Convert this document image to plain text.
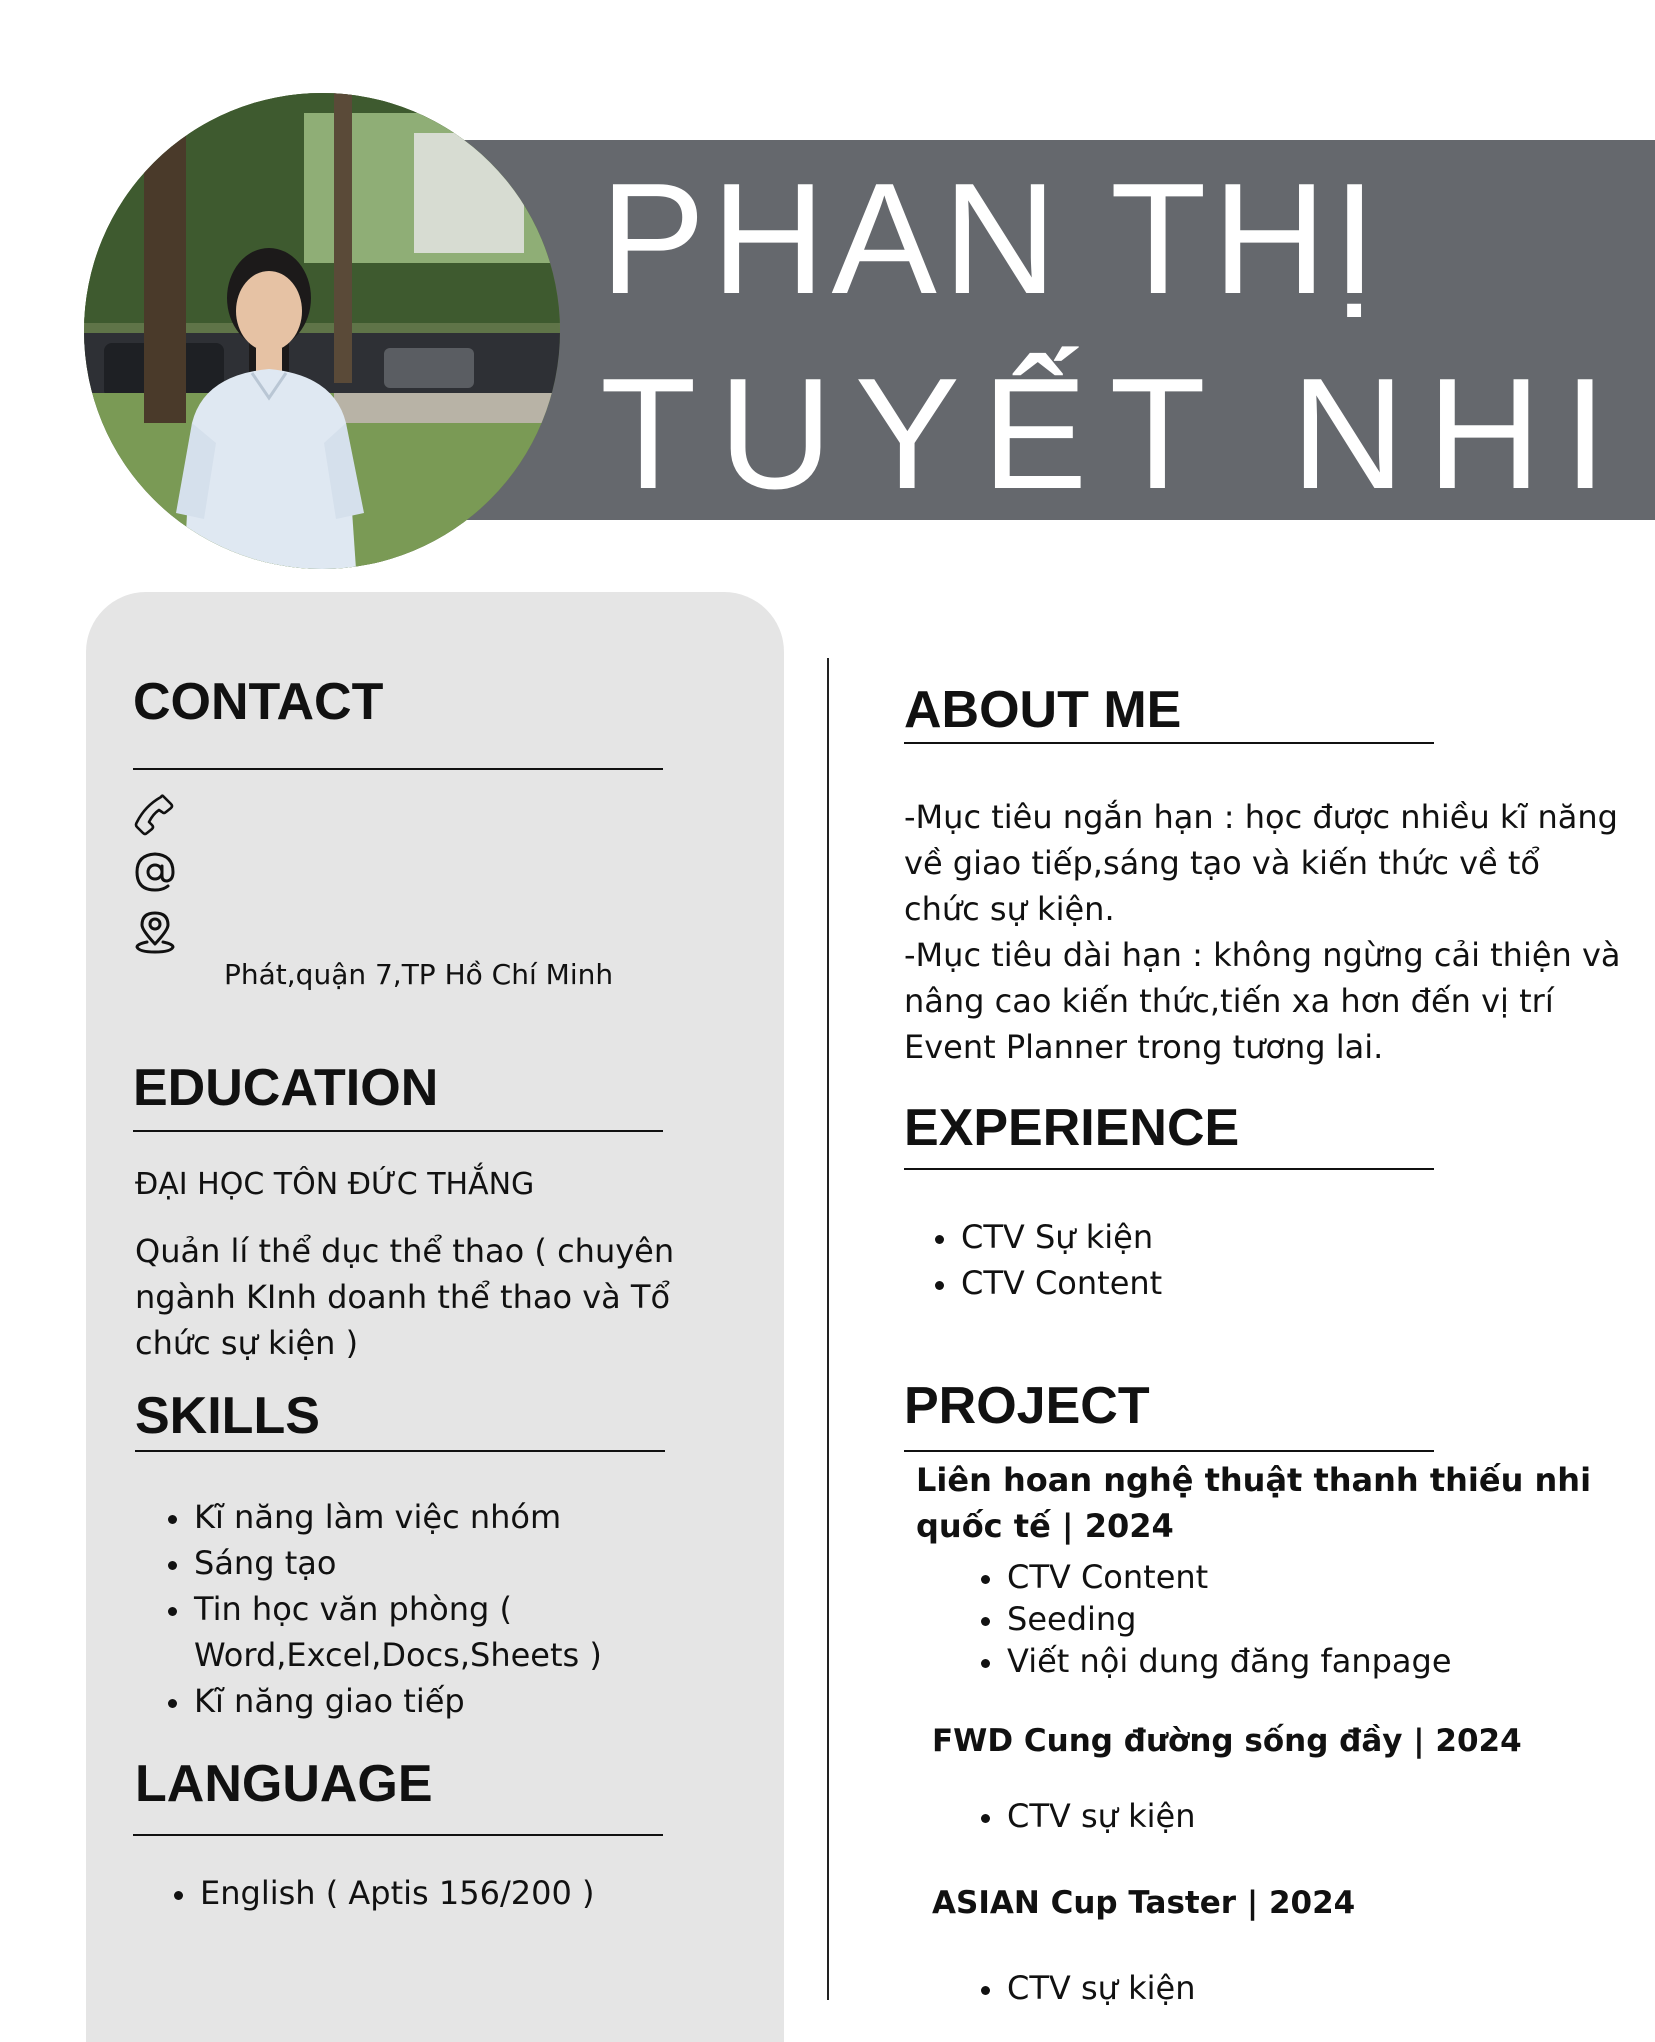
PHAN THỊ
TUYẾT NHI
CONTACT
Phát,quận 7,TP Hồ Chí Minh
EDUCATION

ĐẠI HỌC TÔN ĐỨC THẮNG

Quản lí thể dục thể thao ( chuyên ngành KInh doanh thể thao và Tổ chức sự kiện )

SKILLS
• Kĩ năng làm việc nhóm
• Sáng tạo
• Tin học văn phòng ( Word,Excel,Docs,Sheets )
• Kĩ năng giao tiếp
LANGUAGE
• English ( Aptis 156/200 )
ABOUT ME

-Mục tiêu ngắn hạn : học được nhiều kĩ năng về giao tiếp,sáng tạo và kiến thức về tổ chức sự kiện.

-Mục tiêu dài hạn : không ngừng cải thiện và nâng cao kiến thức,tiến xa hơn đến vị trí Event Planner trong tương lai.

EXPERIENCE
• CTV Sự kiện
• CTV Content
PROJECT

Liên hoan nghệ thuật thanh thiếu nhi quốc tế | 2024

• CTV Content
• Seeding
• Viết nội dung đăng fanpage

FWD Cung đường sống đầy | 2024

• CTV sự kiện

ASIAN Cup Taster | 2024

• CTV sự kiện
